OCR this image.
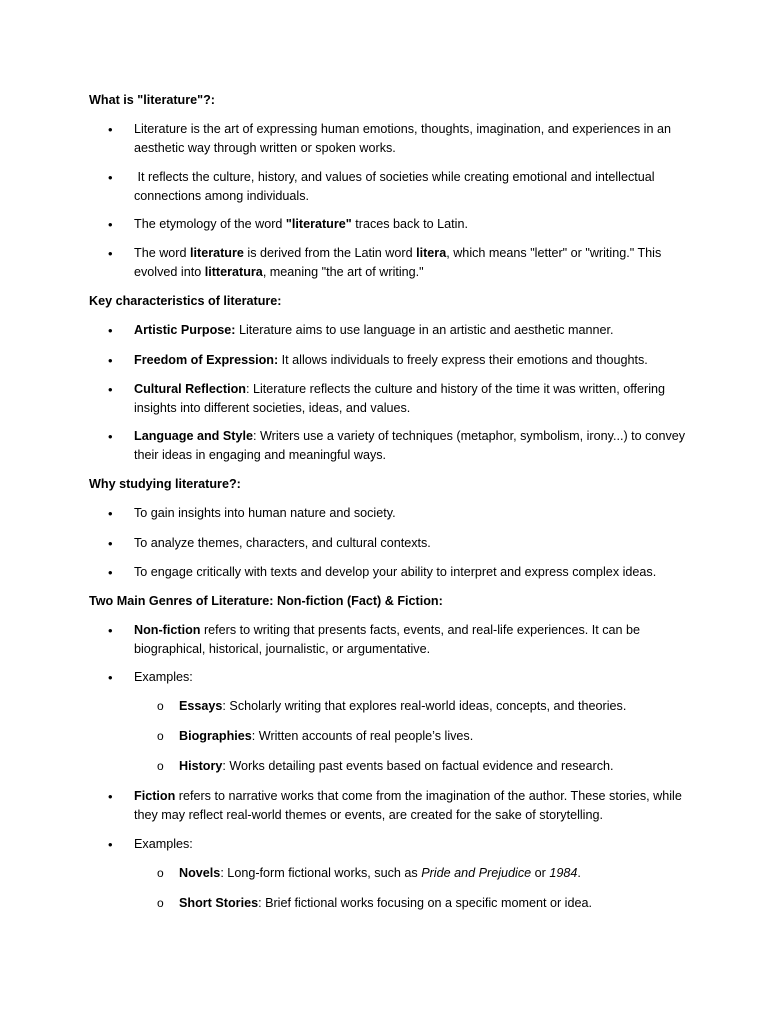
What is "literature"?:
• Literature is the art of expressing human emotions, thoughts, imagination, and experiences in an aesthetic way through written or spoken works.
• It reflects the culture, history, and values of societies while creating emotional and intellectual connections among individuals.
• The etymology of the word "literature" traces back to Latin.
• The word literature is derived from the Latin word litera, which means "letter" or "writing." This evolved into litteratura, meaning "the art of writing."
Key characteristics of literature:
• Artistic Purpose: Literature aims to use language in an artistic and aesthetic manner.
• Freedom of Expression: It allows individuals to freely express their emotions and thoughts.
• Cultural Reflection: Literature reflects the culture and history of the time it was written, offering insights into different societies, ideas, and values.
• Language and Style: Writers use a variety of techniques (metaphor, symbolism, irony...) to convey their ideas in engaging and meaningful ways.
Why studying literature?:
• To gain insights into human nature and society.
• To analyze themes, characters, and cultural contexts.
• To engage critically with texts and develop your ability to interpret and express complex ideas.
Two Main Genres of Literature: Non-fiction (Fact) & Fiction:
• Non-fiction refers to writing that presents facts, events, and real-life experiences. It can be biographical, historical, journalistic, or argumentative.
• Examples:
o Essays: Scholarly writing that explores real-world ideas, concepts, and theories.
o Biographies: Written accounts of real people’s lives.
o History: Works detailing past events based on factual evidence and research.
• Fiction refers to narrative works that come from the imagination of the author. These stories, while they may reflect real-world themes or events, are created for the sake of storytelling.
• Examples:
o Novels: Long-form fictional works, such as Pride and Prejudice or 1984.
o Short Stories: Brief fictional works focusing on a specific moment or idea.
